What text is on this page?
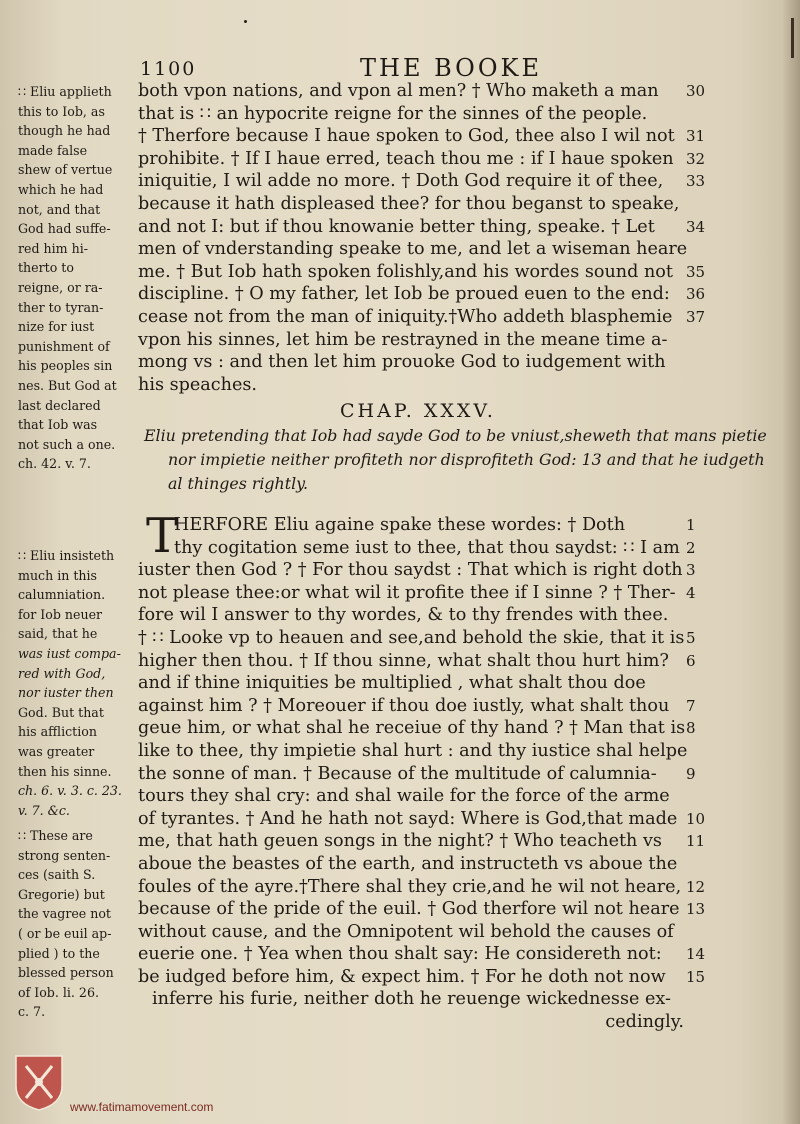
1100	THE BOOKE
∷ Eliu applieth
this to Iob, as
though he had
made false
shew of vertue
which he had
not, and that
God had suffe-
red him hi-
therto to
reigne, or ra-
ther to tyran-
nize for iust
punishment of
his peoples sin
nes. But God at
last declared
that Iob was
not such a one.
ch. 42. v. 7.
both vpon nations, and vpon al men? † Who maketh a man
that is ∷ an hypocrite reigne for the sinnes of the people.
† Therfore because I haue spoken to God, thee also I wil not
prohibite. † If I haue erred, teach thou me : if I haue spoken
iniquitie, I wil adde no more. † Doth God require it of thee,
because it hath displeased thee? for thou beganst to speake,
and not I: but if thou knowanie better thing, speake. † Let
men of vnderstanding speake to me, and let a wiseman heare
me. † But Iob hath spoken folishly,and his wordes sound not
discipline. † O my father, let Iob be proued euen to the end:
cease not from the man of iniquity.†Who addeth blasphemie
vpon his sinnes, let him be restrayned in the meane time a-
mong vs : and then let him prouoke God to iudgement with
his speaches.
30
31
32
33
34
35
36
37
CHAP. XXXV.
Eliu pretending that Iob had sayde God to be vniust,sheweth that mans pietie
nor impietie neither profiteth nor disprofiteth God: 13 and that he iudgeth
al thinges rightly.
∷ Eliu insisteth
much in this
calumniation.
for Iob neuer
said, that he
was iust compa-
red with God,
nor iuster then
God. But that
his affliction
was greater
then his sinne.
ch. 6. v. 3. c. 23.
v. 7. &c.
∷ These are
strong senten-
ces (saith S.
Gregorie) but
the vagree not
( or be euil ap-
plied ) to the
blessed person
of Iob. li. 26.
c. 7.
T
HERFORE Eliu againe spake these wordes: † Doth
thy cogitation seme iust to thee, that thou saydst: ∷ I am
iuster then God ? † For thou saydst : That which is right doth
not please thee:or what wil it profite thee if I sinne ? † Ther-
fore wil I answer to thy wordes, & to thy frendes with thee.
† ∷ Looke vp to heauen and see,and behold the skie, that it is
higher then thou. † If thou sinne, what shalt thou hurt him?
and if thine iniquities be multiplied , what shalt thou doe
against him ? † Moreouer if thou doe iustly, what shalt thou
geue him, or what shal he receiue of thy hand ? † Man that is
like to thee, thy impietie shal hurt : and thy iustice shal helpe
the sonne of man. † Because of the multitude of calumnia-
tours they shal cry: and shal waile for the force of the arme
of tyrantes. † And he hath not sayd: Where is God,that made
me, that hath geuen songs in the night? † Who teacheth vs
aboue the beastes of the earth, and instructeth vs aboue the
foules of the ayre.†There shal they crie,and he wil not heare,
because of the pride of the euil. † God therfore wil not heare
without cause, and the Omnipotent wil behold the causes of
euerie one. † Yea when thou shalt say: He considereth not:
be iudged before him, & expect him. † For he doth not now
inferre his furie, neither doth he reuenge wickednesse ex-
cedingly.
1
2
3
4
5
6
7
8
9
10
11
12
13
14
15
www.fatimamovement.com
